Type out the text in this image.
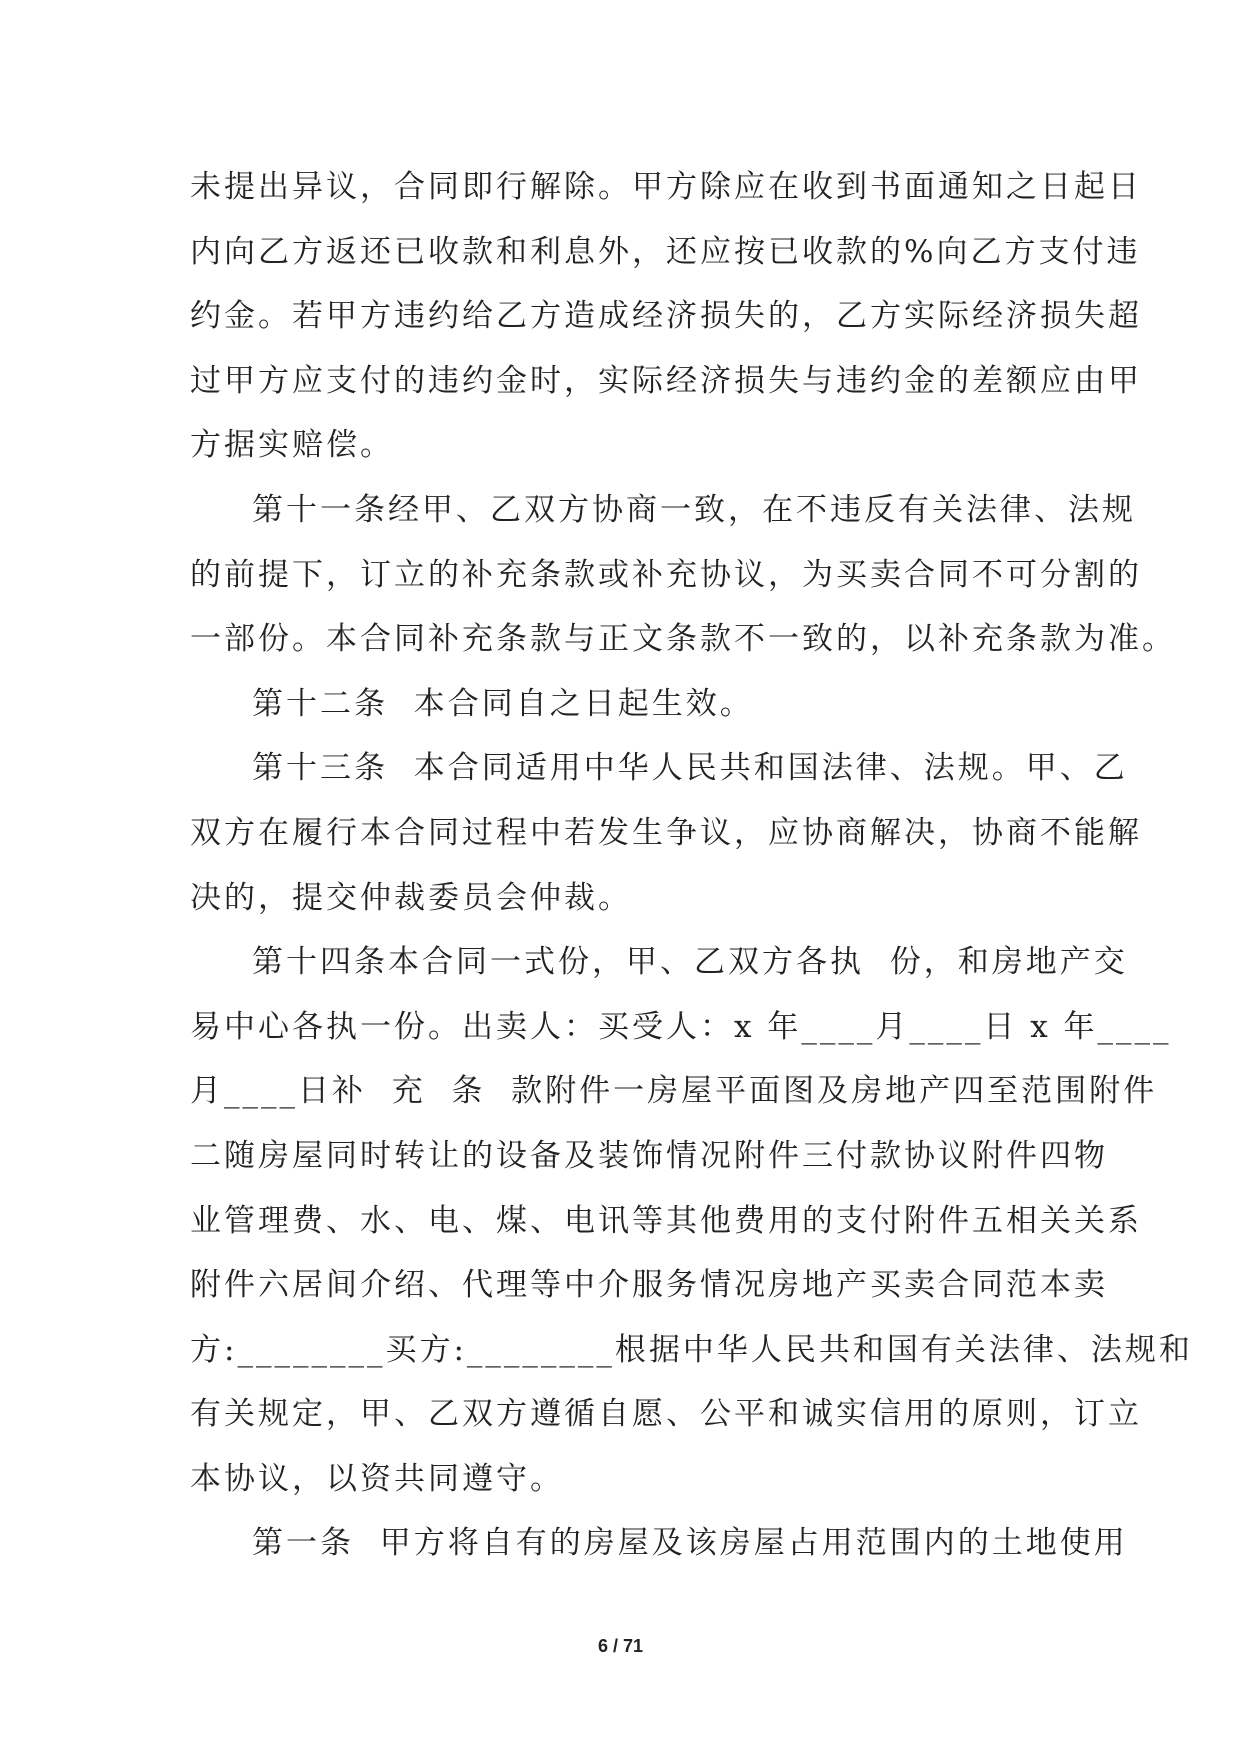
未提出异议，合同即行解除。甲方除应在收到书面通知之日起日
内向乙方返还已收款和利息外，还应按已收款的%向乙方支付违
约金。若甲方违约给乙方造成经济损失的，乙方实际经济损失超
过甲方应支付的违约金时，实际经济损失与违约金的差额应由甲
方据实赔偿。
第十一条经甲、乙双方协商一致，在不违反有关法律、法规
的前提下，订立的补充条款或补充协议，为买卖合同不可分割的
一部份。本合同补充条款与正文条款不一致的，以补充条款为准。
第十二条  本合同自之日起生效。
第十三条  本合同适用中华人民共和国法律、法规。甲、乙
双方在履行本合同过程中若发生争议，应协商解决，协商不能解
决的，提交仲裁委员会仲裁。
第十四条本合同一式份，甲、乙双方各执  份，和房地产交
易中心各执一份。出卖人：买受人：x 年____月____日 x 年____
月____日补  充  条  款附件一房屋平面图及房地产四至范围附件
二随房屋同时转让的设备及装饰情况附件三付款协议附件四物
业管理费、水、电、煤、电讯等其他费用的支付附件五相关关系
附件六居间介绍、代理等中介服务情况房地产买卖合同范本卖
方:________买方:________根据中华人民共和国有关法律、法规和
有关规定，甲、乙双方遵循自愿、公平和诚实信用的原则，订立
本协议，以资共同遵守。
第一条  甲方将自有的房屋及该房屋占用范围内的土地使用
6 / 71
